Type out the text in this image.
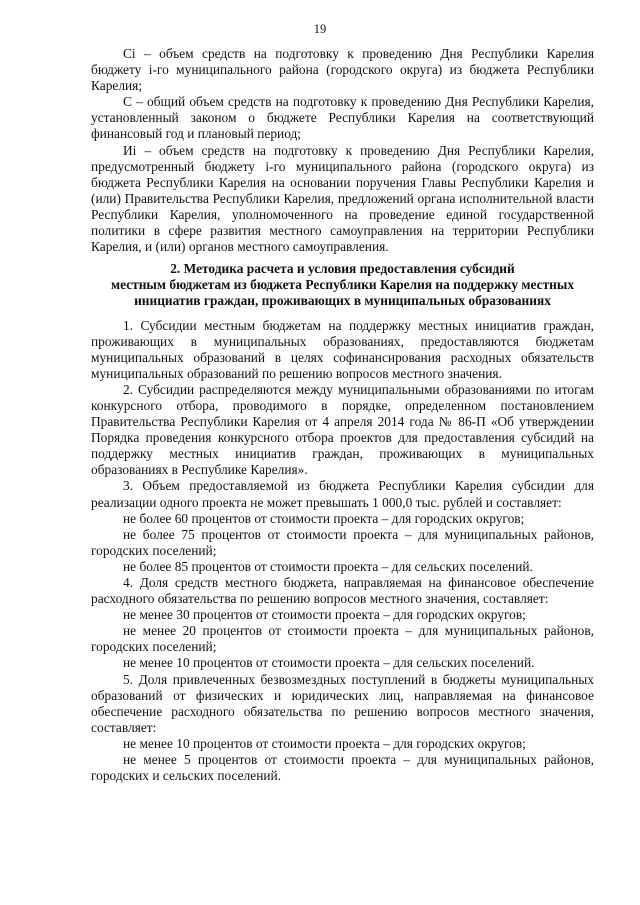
19

Ci – объем средств на подготовку к проведению Дня Республики Карелия бюджету i-го муниципального района (городского округа) из бюджета Республики Карелия;

С – общий объем средств на подготовку к проведению Дня Республики Карелия, установленный законом о бюджете Республики Карелия на соответствующий финансовый год и плановый период;

Иi – объем средств на подготовку к проведению Дня Республики Карелия, предусмотренный бюджету i-го муниципального района (городского округа) из бюджета Республики Карелия на основании поручения Главы Республики Карелия и (или) Правительства Республики Карелия, предложений органа исполнительной власти Республики Карелия, уполномоченного на проведение единой государственной политики в сфере развития местного самоуправления на территории Республики Карелия, и (или) органов местного самоуправления.

2. Методика расчета и условия предоставления субсидий
местным бюджетам из бюджета Республики Карелия на поддержку местных
инициатив граждан, проживающих в муниципальных образованиях

1. Субсидии местным бюджетам на поддержку местных инициатив граждан, проживающих в муниципальных образованиях, предоставляются бюджетам муниципальных образований в целях софинансирования расходных обязательств муниципальных образований по решению вопросов местного значения.

2. Субсидии распределяются между муниципальными образованиями по итогам конкурсного отбора, проводимого в порядке, определенном постановлением Правительства Республики Карелия от 4 апреля 2014 года № 86-П «Об утверждении Порядка проведения конкурсного отбора проектов для предоставления субсидий на поддержку местных инициатив граждан, проживающих в муниципальных образованиях в Республике Карелия».

3. Объем предоставляемой из бюджета Республики Карелия субсидии для реализации одного проекта не может превышать 1 000,0 тыс. рублей и составляет:

не более 60 процентов от стоимости проекта – для городских округов;

не более 75 процентов от стоимости проекта – для муниципальных районов, городских поселений;

не более 85 процентов от стоимости проекта – для сельских поселений.

4. Доля средств местного бюджета, направляемая на финансовое обеспечение расходного обязательства по решению вопросов местного значения, составляет:

не менее 30 процентов от стоимости проекта – для городских округов;

не менее 20 процентов от стоимости проекта – для муниципальных районов, городских поселений;

не менее 10 процентов от стоимости проекта – для сельских поселений.

5. Доля привлеченных безвозмездных поступлений в бюджеты муниципальных образований от физических и юридических лиц, направляемая на финансовое обеспечение расходного обязательства по решению вопросов местного значения, составляет:

не менее 10 процентов от стоимости проекта – для городских округов;

не менее 5 процентов от стоимости проекта – для муниципальных районов, городских и сельских поселений.
